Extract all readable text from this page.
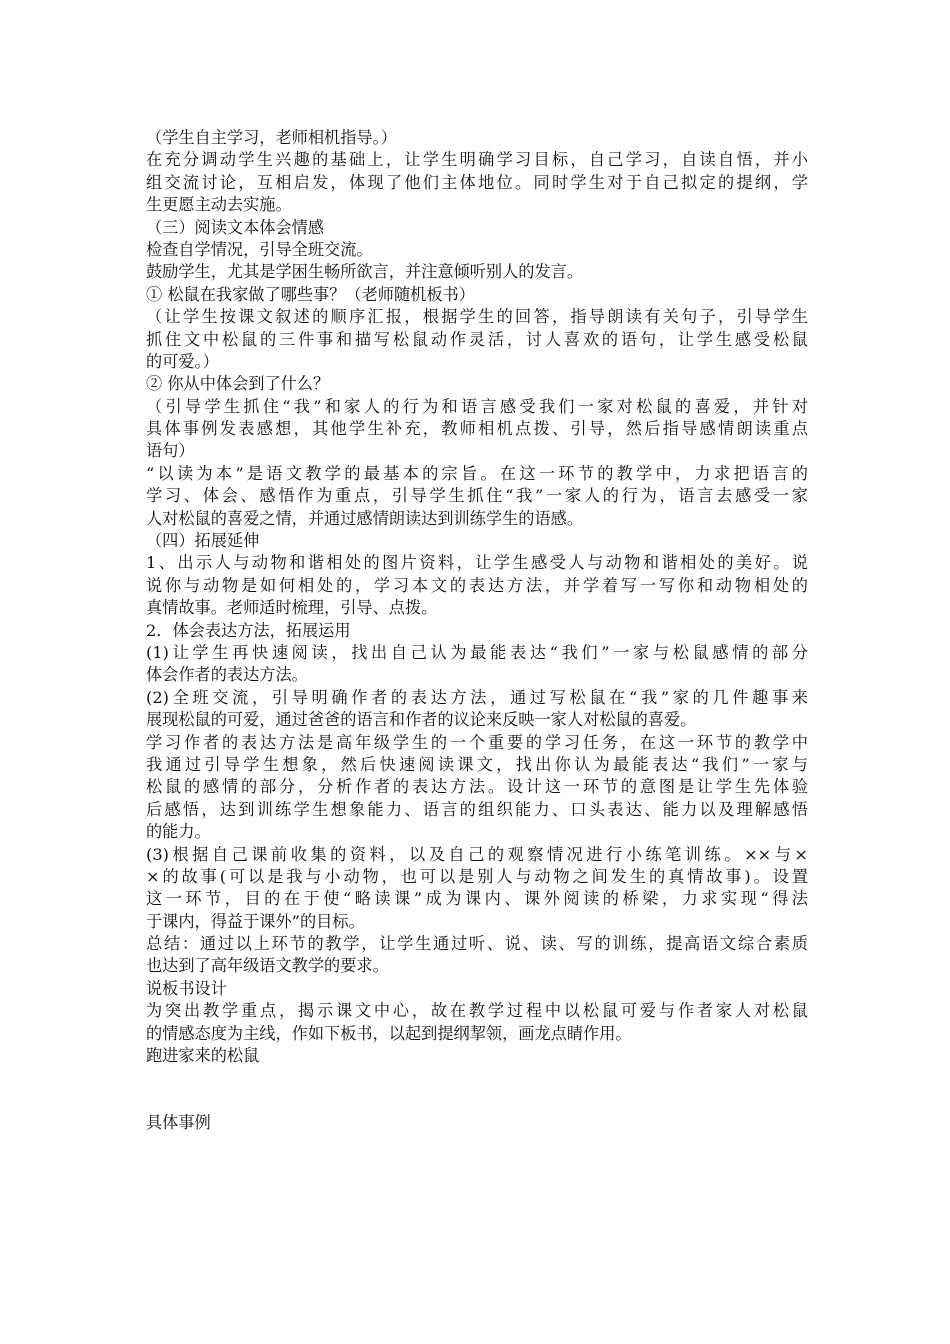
（学生自主学习，老师相机指导。）
在充分调动学生兴趣的基础上，让学生明确学习目标，自己学习，自读自悟，并小
组交流讨论，互相启发，体现了他们主体地位。同时学生对于自己拟定的提纲，学
生更愿主动去实施。
（三）阅读文本体会情感
检查自学情况，引导全班交流。
鼓励学生，尤其是学困生畅所欲言，并注意倾听别人的发言。
① 松鼠在我家做了哪些事？（老师随机板书）
（让学生按课文叙述的顺序汇报，根据学生的回答，指导朗读有关句子，引导学生
抓住文中松鼠的三件事和描写松鼠动作灵活，讨人喜欢的语句，让学生感受松鼠
的可爱。）
② 你从中体会到了什么？
（引导学生抓住“我”和家人的行为和语言感受我们一家对松鼠的喜爱，并针对
具体事例发表感想，其他学生补充，教师相机点拨、引导，然后指导感情朗读重点
语句）
“以读为本”是语文教学的最基本的宗旨。在这一环节的教学中，力求把语言的
学习、体会、感悟作为重点，引导学生抓住“我”一家人的行为，语言去感受一家
人对松鼠的喜爱之情，并通过感情朗读达到训练学生的语感。
（四）拓展延伸
1、出示人与动物和谐相处的图片资料，让学生感受人与动物和谐相处的美好。说
说你与动物是如何相处的，学习本文的表达方法，并学着写一写你和动物相处的
真情故事。老师适时梳理，引导、点拨。
2．体会表达方法，拓展运用
(1)让学生再快速阅读，找出自己认为最能表达“我们”一家与松鼠感情的部分
体会作者的表达方法。
(2)全班交流，引导明确作者的表达方法，通过写松鼠在“我”家的几件趣事来
展现松鼠的可爱，通过爸爸的语言和作者的议论来反映一家人对松鼠的喜爱。
学习作者的表达方法是高年级学生的一个重要的学习任务，在这一环节的教学中
我通过引导学生想象，然后快速阅读课文，找出你认为最能表达“我们”一家与
松鼠的感情的部分，分析作者的表达方法。设计这一环节的意图是让学生先体验
后感悟，达到训练学生想象能力、语言的组织能力、口头表达、能力以及理解感悟
的能力。
(3)根据自己课前收集的资料，以及自己的观察情况进行小练笔训练。××与×
×的故事(可以是我与小动物，也可以是别人与动物之间发生的真情故事)。设置
这一环节，目的在于使“略读课”成为课内、课外阅读的桥梁，力求实现“得法
于课内，得益于课外”的目标。
总结：通过以上环节的教学，让学生通过听、说、读、写的训练，提高语文综合素质
也达到了高年级语文教学的要求。
说板书设计
为突出教学重点，揭示课文中心，故在教学过程中以松鼠可爱与作者家人对松鼠
的情感态度为主线，作如下板书，以起到提纲挈领，画龙点睛作用。
跑进家来的松鼠
具体事例
